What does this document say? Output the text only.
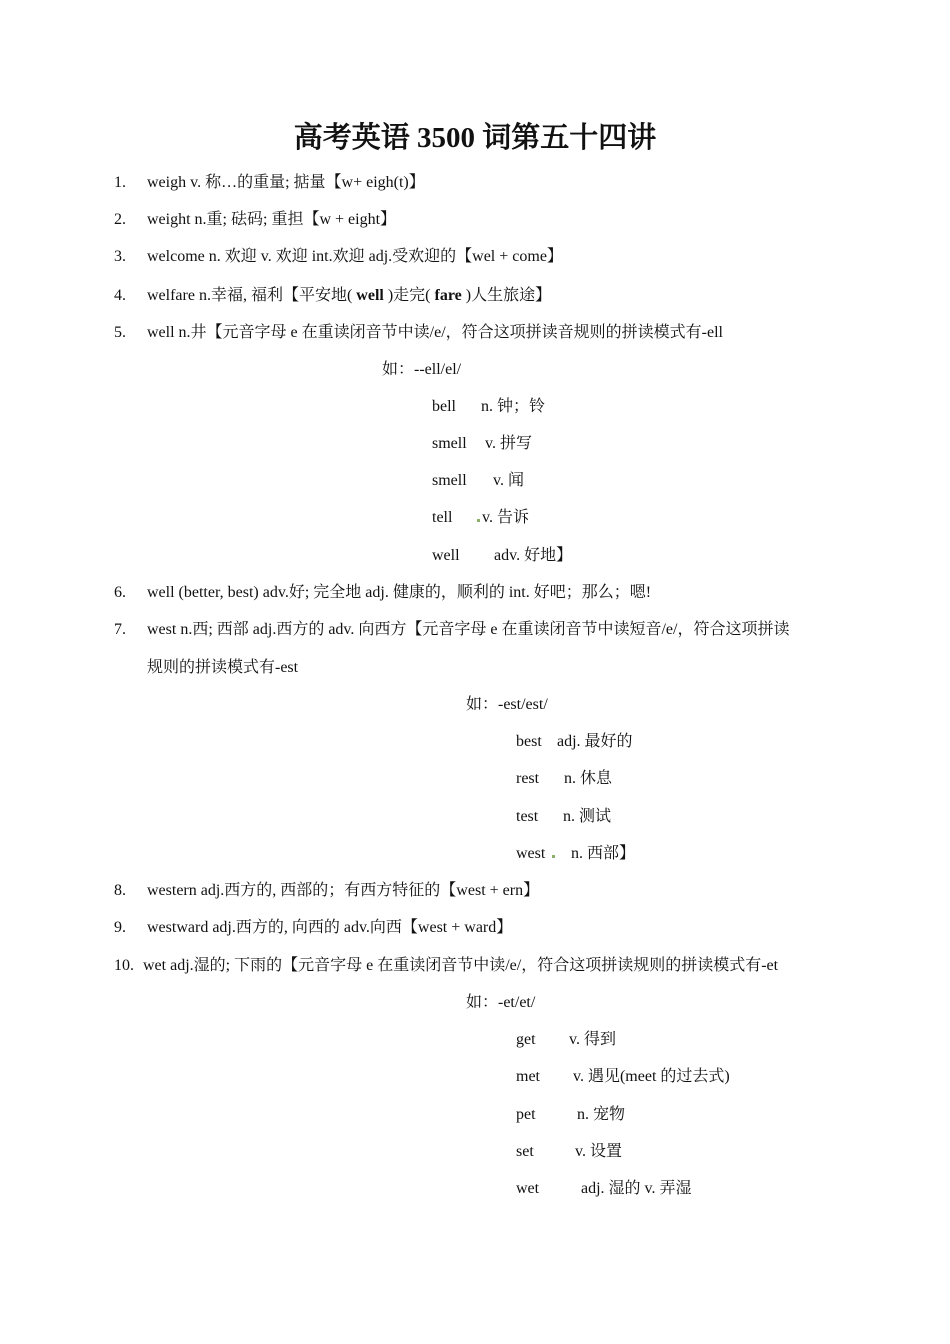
高考英语 3500 词第五十四讲
1. weigh v. 称…的重量; 掂量【w+ eigh(t)】
2. weight n.重; 砝码; 重担【w + eight】
3. welcome n. 欢迎 v. 欢迎 int.欢迎 adj.受欢迎的【wel + come】
4. welfare n.幸福, 福利【平安地( well )走完( fare )人生旅途】
5. well n.井【元音字母 e 在重读闭音节中读/e/，符合这项拼读音规则的拼读模式有-ell
如：--ell/el/
bell n. 钟；铃
smell v. 拼写
smell v. 闻
tell	v. 告诉
well adv. 好地】
6. well (better, best) adv.好; 完全地 adj. 健康的，顺利的 int. 好吧；那么；嗯!
7. west n.西; 西部 adj.西方的 adv. 向西方【元音字母 e 在重读闭音节中读短音/e/，符合这项拼读
规则的拼读模式有-est
如：-est/est/
best adj. 最好的
rest n. 休息
test n. 测试
west	n. 西部】
8. western adj.西方的, 西部的；有西方特征的【west + ern】
9. westward adj.西方的, 向西的 adv.向西【west + ward】
10. wet adj.湿的; 下雨的【元音字母 e 在重读闭音节中读/e/，符合这项拼读规则的拼读模式有-et
如：-et/et/
get v. 得到
met v. 遇见(meet 的过去式)
pet	n. 宠物
set	v. 设置
wet	adj. 湿的 v. 弄湿
